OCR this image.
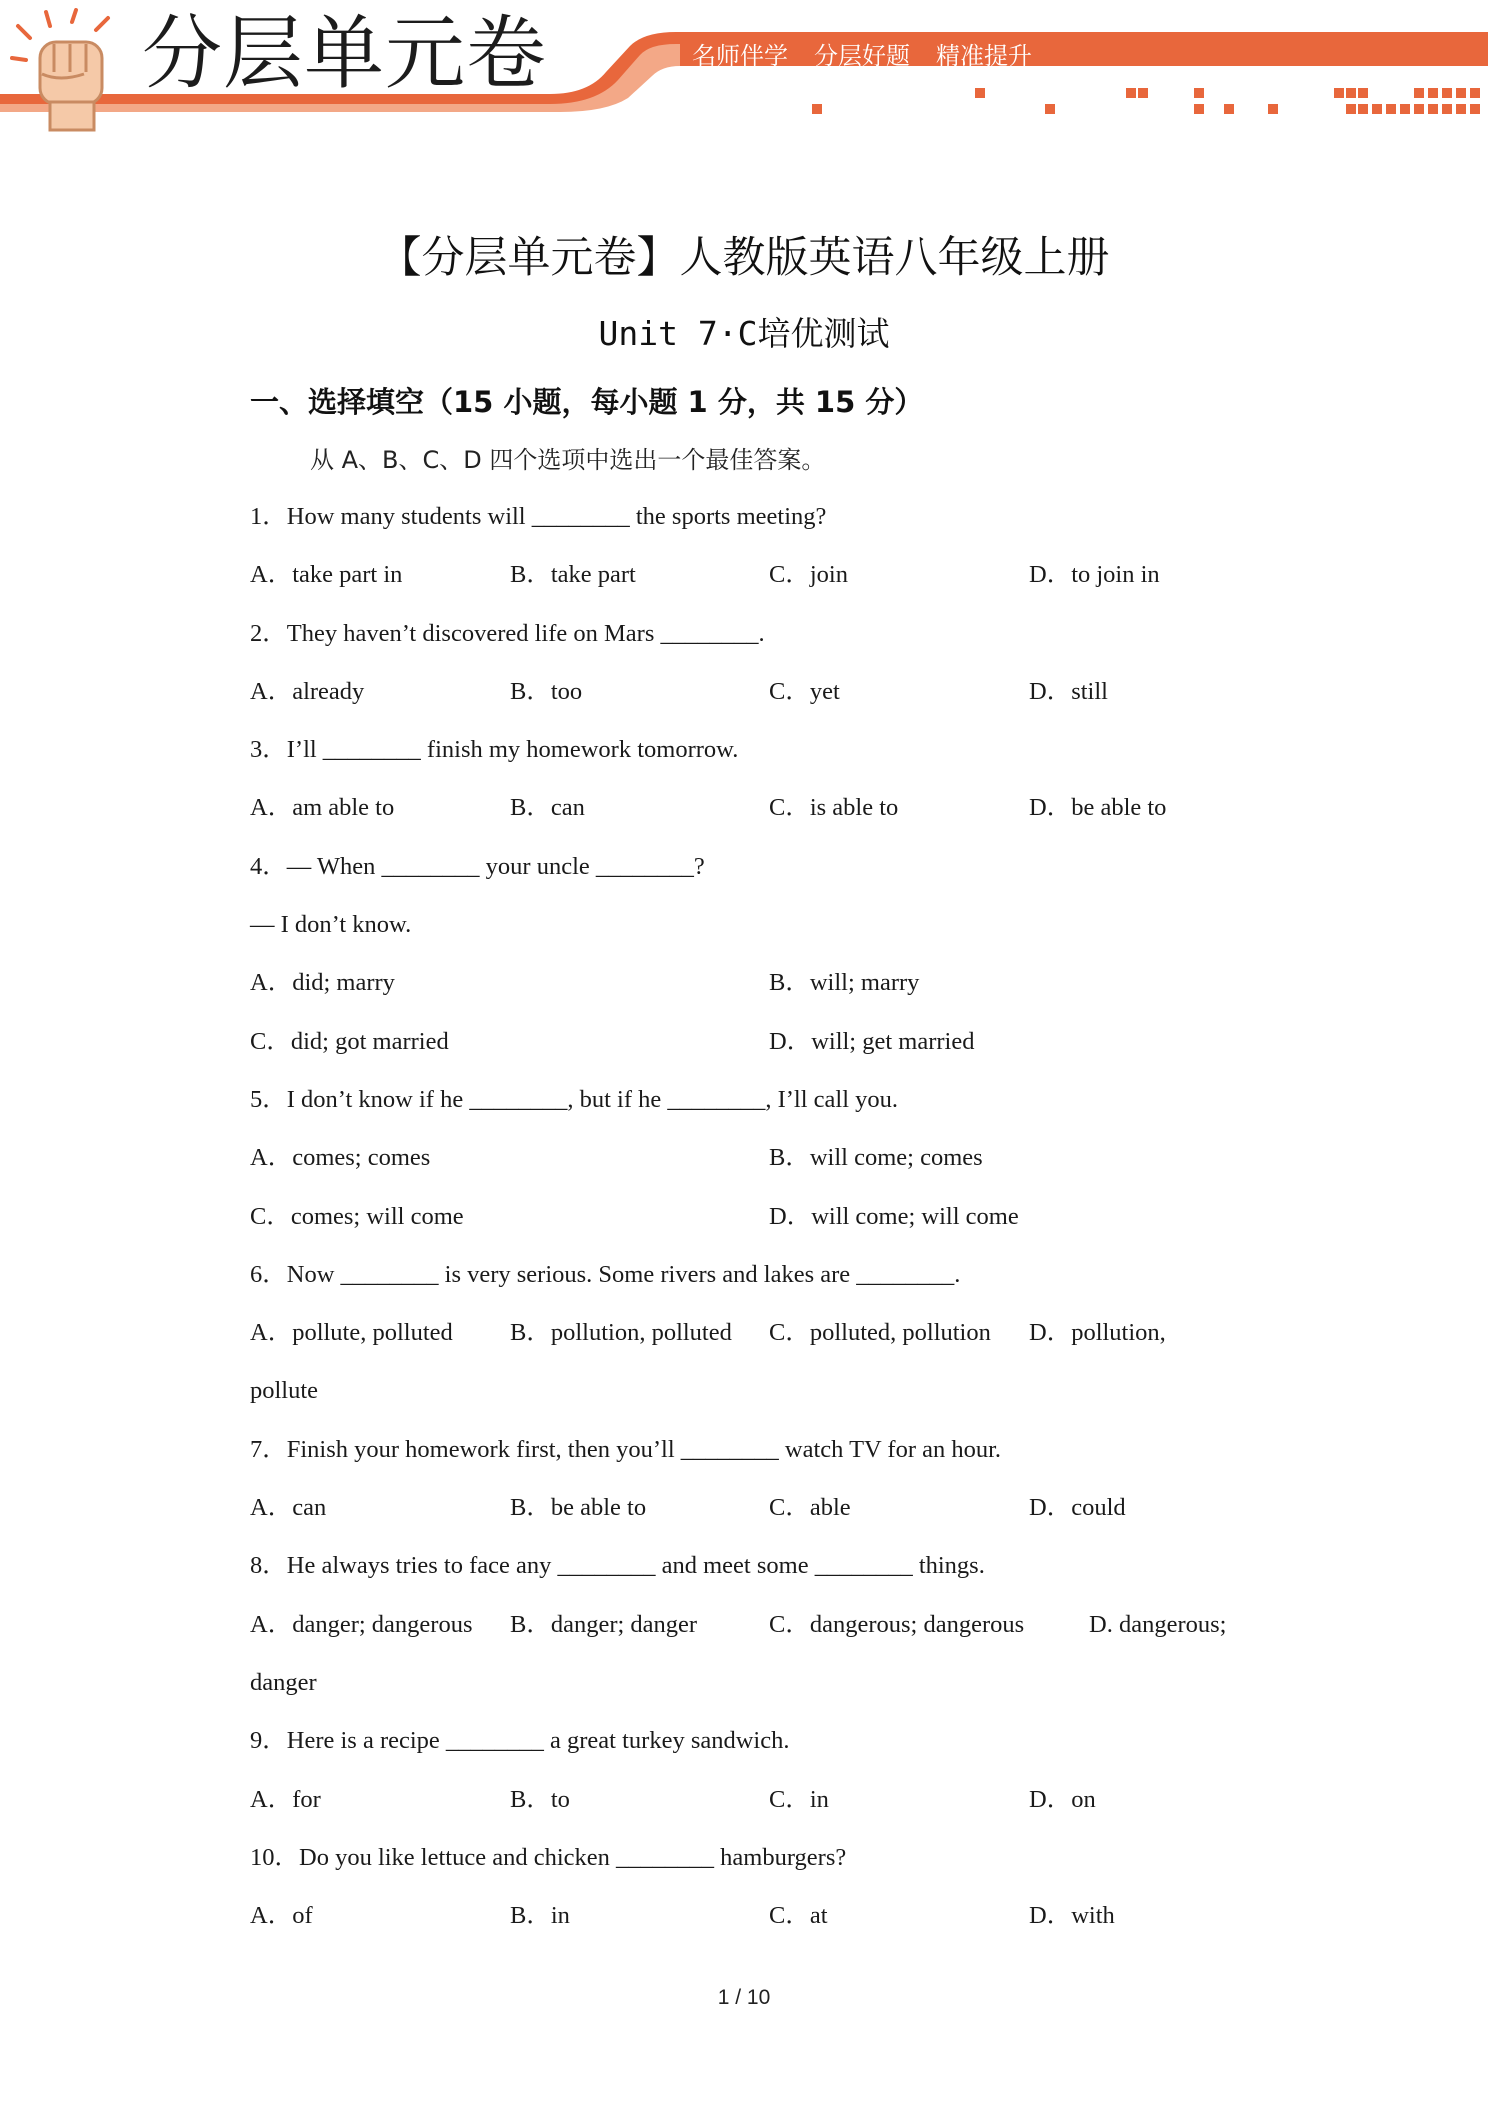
分层单元卷	名师伴学 分层好题 精准提升
【分层单元卷】人教版英语八年级上册
Unit 7·C培优测试
一、选择填空（15 小题，每小题 1 分，共 15 分）
从 A、B、C、D 四个选项中选出一个最佳答案。
1．How many students will ________ the sports meeting?
A．take part in	B．take part	C．join	D．to join in
2．They haven’t discovered life on Mars ________.
A．already	B．too	C．yet	D．still
3．I’ll ________ finish my homework tomorrow.
A．am able to	B．can	C．is able to	D．be able to
4．— When ________ your uncle ________?
— I don’t know.
A．did; marry	B．will; marry
C．did; got married	D．will; get married
5．I don’t know if he ________, but if he ________, I’ll call you.
A．comes; comes	B．will come; comes
C．comes; will come	D．will come; will come
6．Now ________ is very serious. Some rivers and lakes are ________.
A．pollute, polluted B．pollution, polluted C．polluted, pollution D．pollution,
pollute
7．Finish your homework first, then you’ll ________ watch TV for an hour.
A．can	B．be able to	C．able	D．could
8．He always tries to face any ________ and meet some ________ things.
A．danger; dangerous B．danger; danger	C．dangerous; dangerous	D. dangerous;
danger
9．Here is a recipe ________ a great turkey sandwich.
A．for	B．to	C．in	D．on
10．Do you like lettuce and chicken ________ hamburgers?
A．of	B．in	C．at	D．with
1 / 10
